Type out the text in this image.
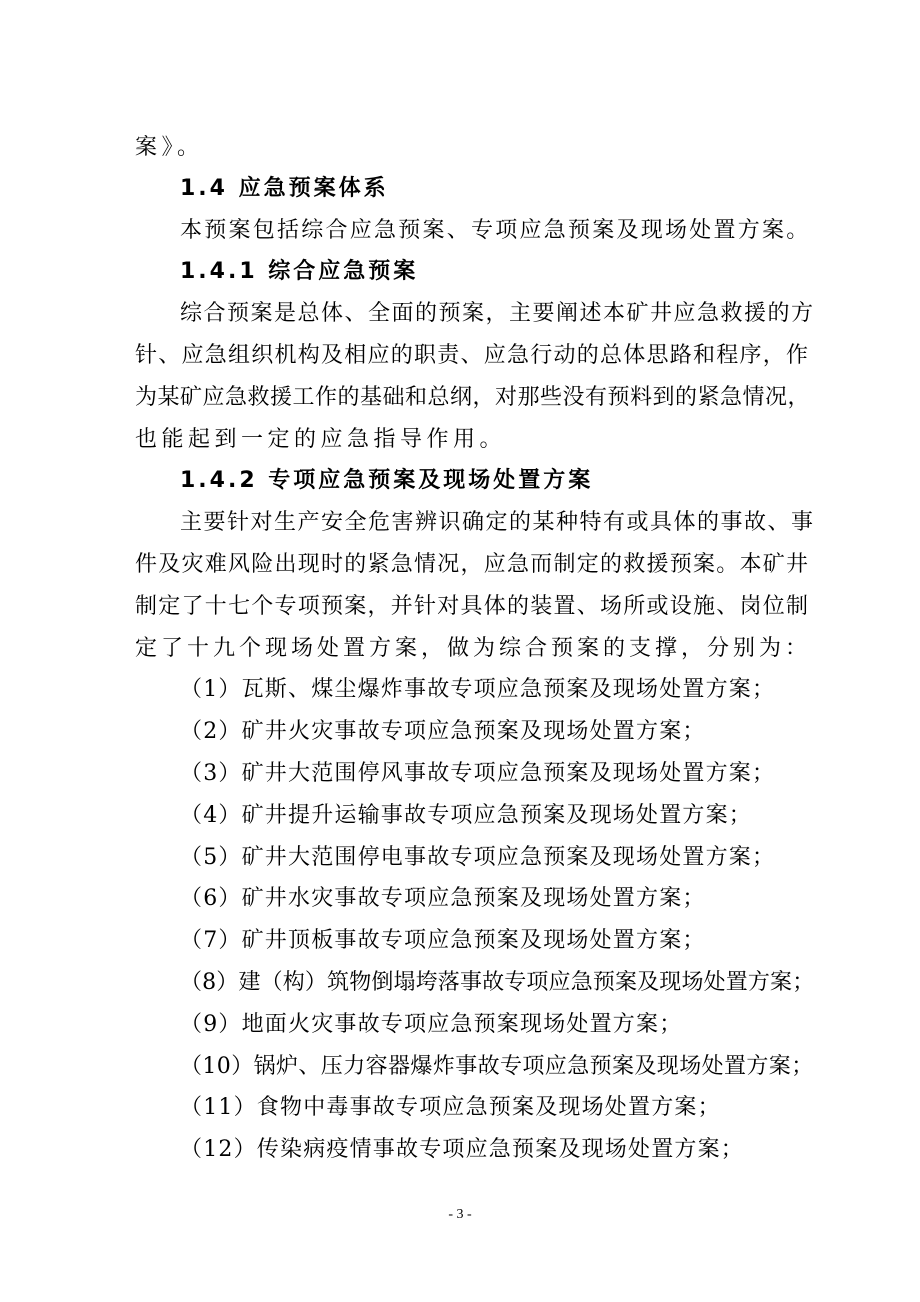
案》。
1.4 应急预案体系
本预案包括综合应急预案、专项应急预案及现场处置方案。
1.4.1 综合应急预案
综合预案是总体、全面的预案，主要阐述本矿井应急救援的方
针、应急组织机构及相应的职责、应急行动的总体思路和程序，作
为某矿应急救援工作的基础和总纲，对那些没有预料到的紧急情况，
也能起到一定的应急指导作用。
1.4.2 专项应急预案及现场处置方案
主要针对生产安全危害辨识确定的某种特有或具体的事故、事
件及灾难风险出现时的紧急情况，应急而制定的救援预案。本矿井
制定了十七个专项预案，并针对具体的装置、场所或设施、岗位制
定了十九个现场处置方案，做为综合预案的支撑，分别为：
（1）瓦斯、煤尘爆炸事故专项应急预案及现场处置方案；
（2）矿井火灾事故专项应急预案及现场处置方案；
（3）矿井大范围停风事故专项应急预案及现场处置方案；
（4）矿井提升运输事故专项应急预案及现场处置方案；
（5）矿井大范围停电事故专项应急预案及现场处置方案；
（6）矿井水灾事故专项应急预案及现场处置方案；
（7）矿井顶板事故专项应急预案及现场处置方案；
（8）建（构）筑物倒塌垮落事故专项应急预案及现场处置方案；
（9）地面火灾事故专项应急预案现场处置方案；
（10）锅炉、压力容器爆炸事故专项应急预案及现场处置方案；
（11）食物中毒事故专项应急预案及现场处置方案；
（12）传染病疫情事故专项应急预案及现场处置方案；
- 3 -
